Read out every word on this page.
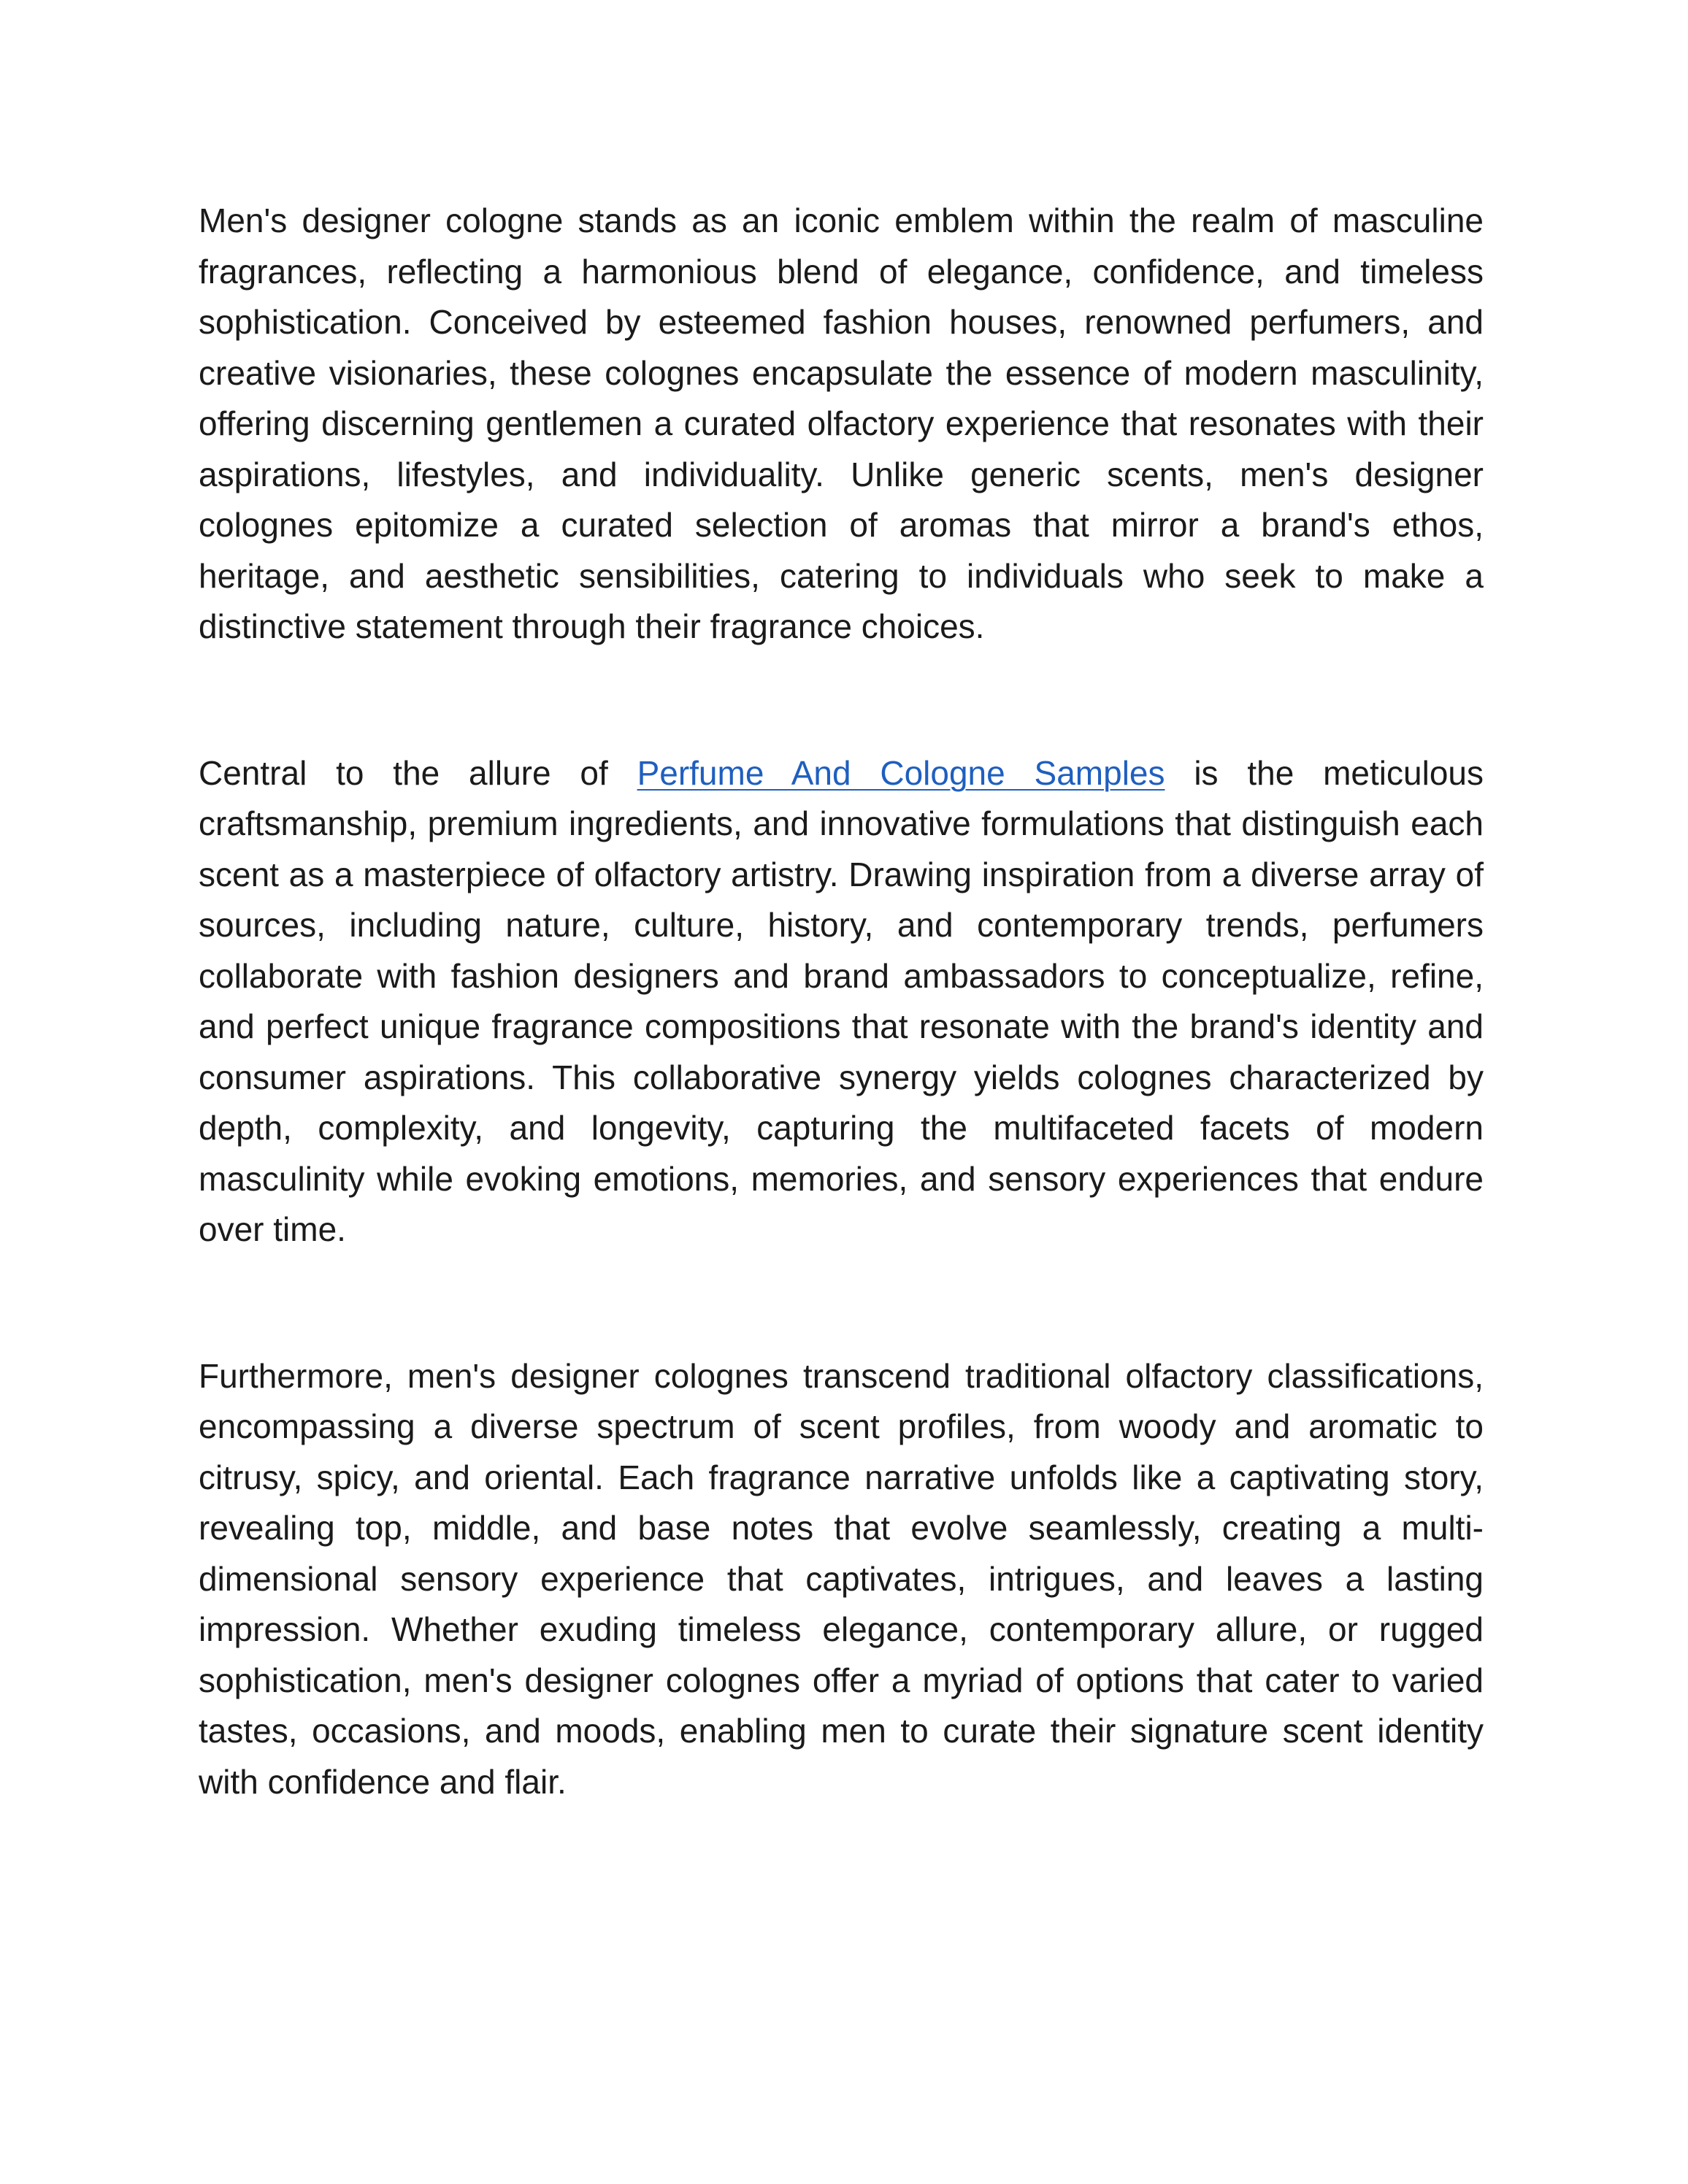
Men's designer cologne stands as an iconic emblem within the realm of masculine fragrances, reflecting a harmonious blend of elegance, confidence, and timeless sophistication. Conceived by esteemed fashion houses, renowned perfumers, and creative visionaries, these colognes encapsulate the essence of modern masculinity, offering discerning gentlemen a curated olfactory experience that resonates with their aspirations, lifestyles, and individuality. Unlike generic scents, men's designer colognes epitomize a curated selection of aromas that mirror a brand's ethos, heritage, and aesthetic sensibilities, catering to individuals who seek to make a distinctive statement through their fragrance choices.

Central to the allure of Perfume And Cologne Samples is the meticulous craftsmanship, premium ingredients, and innovative formulations that distinguish each scent as a masterpiece of olfactory artistry. Drawing inspiration from a diverse array of sources, including nature, culture, history, and contemporary trends, perfumers collaborate with fashion designers and brand ambassadors to conceptualize, refine, and perfect unique fragrance compositions that resonate with the brand's identity and consumer aspirations. This collaborative synergy yields colognes characterized by depth, complexity, and longevity, capturing the multifaceted facets of modern masculinity while evoking emotions, memories, and sensory experiences that endure over time.

Furthermore, men's designer colognes transcend traditional olfactory classifications, encompassing a diverse spectrum of scent profiles, from woody and aromatic to citrusy, spicy, and oriental. Each fragrance narrative unfolds like a captivating story, revealing top, middle, and base notes that evolve seamlessly, creating a multi-dimensional sensory experience that captivates, intrigues, and leaves a lasting impression. Whether exuding timeless elegance, contemporary allure, or rugged sophistication, men's designer colognes offer a myriad of options that cater to varied tastes, occasions, and moods, enabling men to curate their signature scent identity with confidence and flair.
